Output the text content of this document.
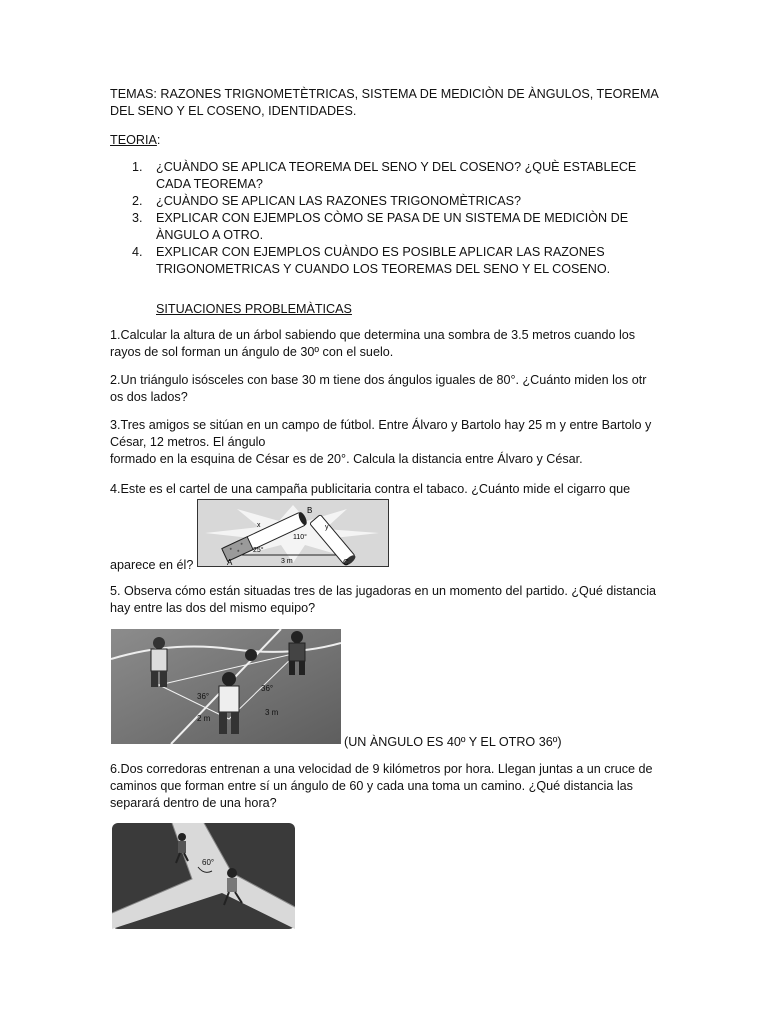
TEMAS: RAZONES TRIGNOMETÈTRICAS, SISTEMA DE MEDICIÒN DE ÀNGULOS, TEOREMA DEL SENO Y EL COSENO, IDENTIDADES.

TEORIA:
1. ¿CUÀNDO SE APLICA TEOREMA DEL SENO Y DEL COSENO? ¿QUÈ ESTABLECE CADA TEOREMA?
2. ¿CUÀNDO SE APLICAN LAS RAZONES TRIGONOMÈTRICAS?
3. EXPLICAR CON EJEMPLOS CÒMO SE PASA DE UN SISTEMA DE MEDICIÒN DE ÀNGULO A OTRO.
4. EXPLICAR CON EJEMPLOS CUÀNDO ES POSIBLE APLICAR LAS RAZONES TRIGONOMETRICAS Y CUANDO LOS TEOREMAS DEL SENO Y EL COSENO.
SITUACIONES PROBLEMÀTICAS

1.Calcular la altura de un árbol sabiendo que determina una sombra de 3.5 metros cuando los rayos de sol forman un ángulo de 30º con el suelo.

2.Un triángulo isósceles con base 30 m tiene dos ángulos iguales de 80°. ¿Cuánto miden los otr os dos lados?

3.Tres amigos se sitúan en un campo de fútbol. Entre Álvaro y Bartolo hay 25 m y entre Bartolo y César, 12 metros. El ángulo

formado en la esquina de César es de 20°. Calcula la distancia entre Álvaro y César.

4.Este es el cartel de una campaña publicitaria contra el tabaco. ¿Cuánto mide el cigarro que

aparece en él?	A
B
C
x	y
25°
110°
3 m

5. Observa cómo están situadas tres de las jugadoras en un momento del partido. ¿Qué distancia hay entre las dos del mismo equipo?

36°
36°
2 m
3 m
(UN ÀNGULO ES 40º Y EL OTRO 36º)

6.Dos corredoras entrenan a una velocidad de 9 kilómetros por hora. Llegan juntas a un cruce de caminos que forman entre sí un ángulo de 60 y cada una toma un camino. ¿Qué distancia las separará dentro de una hora?

60°
